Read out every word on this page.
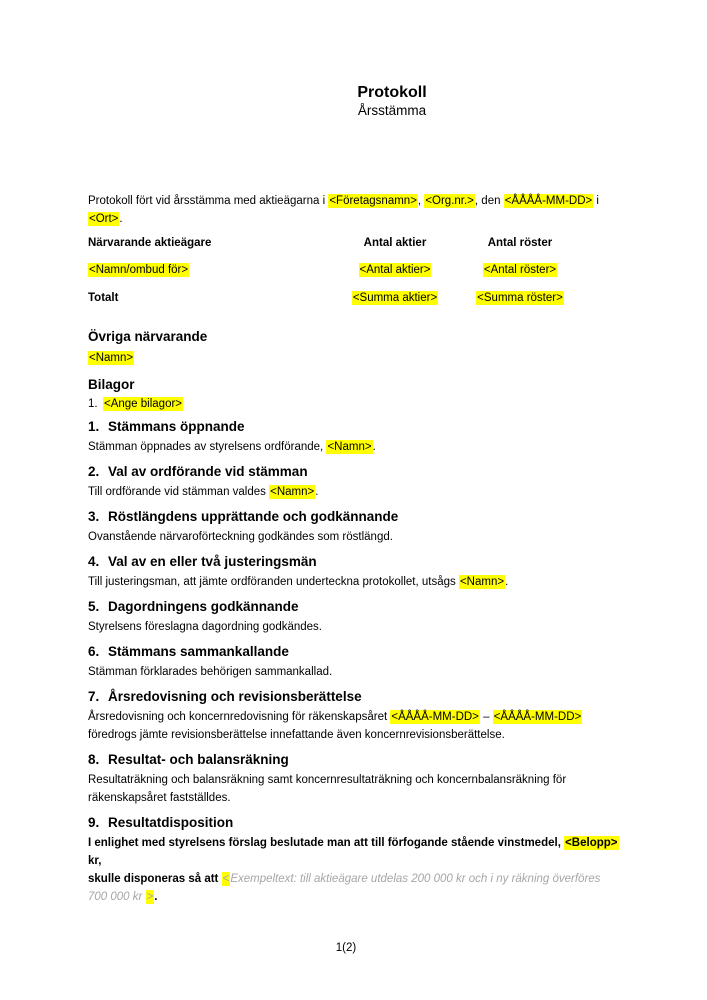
Protokoll
Årsstämma
Protokoll fört vid årsstämma med aktieägarna i <Företagsnamn>, <Org.nr.>, den <ÅÅÅÅ-MM-DD> i
<Ort>.
Närvarande aktieägare	Antal aktier	Antal röster
<Namn/ombud för>	<Antal aktier>	<Antal röster>
Totalt	<Summa aktier>	<Summa röster>
Övriga närvarande
<Namn>
Bilagor
1. <Ange bilagor>
1. Stämmans öppnande
Stämman öppnades av styrelsens ordförande, <Namn>.
2. Val av ordförande vid stämman
Till ordförande vid stämman valdes <Namn>.
3. Röstlängdens upprättande och godkännande
Ovanstående närvaroförteckning godkändes som röstlängd.
4. Val av en eller två justeringsmän
Till justeringsman, att jämte ordföranden underteckna protokollet, utsågs <Namn>.
5. Dagordningens godkännande
Styrelsens föreslagna dagordning godkändes.
6. Stämmans sammankallande
Stämman förklarades behörigen sammankallad.
7. Årsredovisning och revisionsberättelse
Årsredovisning och koncernredovisning för räkenskapsåret <ÅÅÅÅ-MM-DD> – <ÅÅÅÅ-MM-DD>
föredrogs jämte revisionsberättelse innefattande även koncernrevisionsberättelse.
8. Resultat- och balansräkning
Resultaträkning och balansräkning samt koncernresultaträkning och koncernbalansräkning för
räkenskapsåret fastställdes.
9. Resultatdisposition
I enlighet med styrelsens förslag beslutade man att till förfogande stående vinstmedel, <Belopp> kr,
skulle disponeras så att <Exempeltext: till aktieägare utdelas 200 000 kr och i ny räkning överföres
700 000 kr >.
1(2)
